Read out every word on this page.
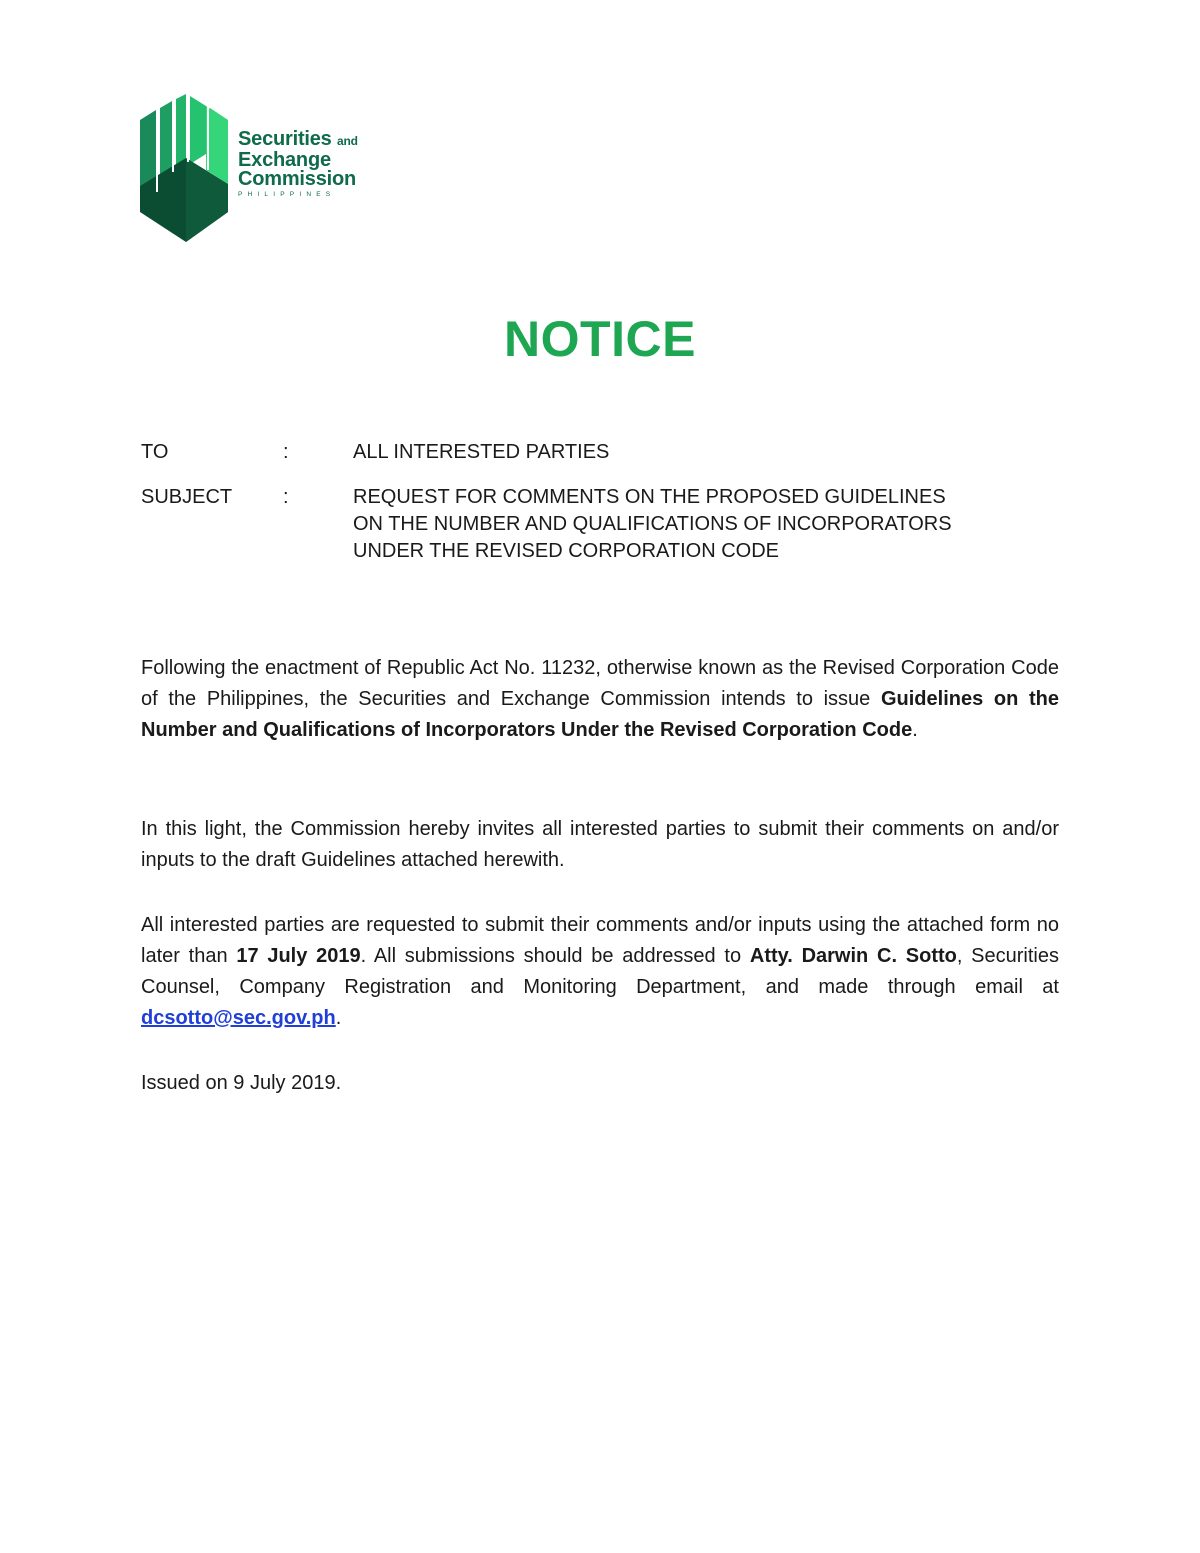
Securities and
Exchange
Commission
PHILIPPINES
NOTICE
TO	:	ALL INTERESTED PARTIES
SUBJECT	:	REQUEST FOR COMMENTS ON THE PROPOSED GUIDELINES
ON THE NUMBER AND QUALIFICATIONS OF INCORPORATORS
UNDER THE REVISED CORPORATION CODE
Following the enactment of Republic Act No. 11232, otherwise known as the Revised Corporation Code of the Philippines, the Securities and Exchange Commission intends to issue Guidelines on the Number and Qualifications of Incorporators Under the Revised Corporation Code.
In this light, the Commission hereby invites all interested parties to submit their comments on and/or inputs to the draft Guidelines attached herewith.
All interested parties are requested to submit their comments and/or inputs using the attached form no later than 17 July 2019. All submissions should be addressed to Atty. Darwin C. Sotto, Securities Counsel, Company Registration and Monitoring Department, and made through email at dcsotto@sec.gov.ph.
Issued on 9 July 2019.
